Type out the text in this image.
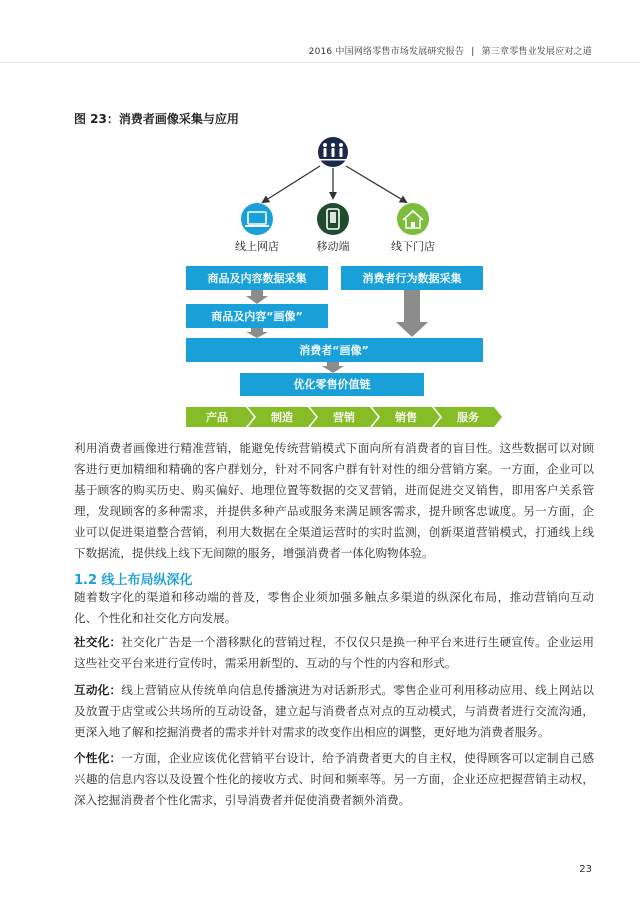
2016 中国网络零售市场发展研究报告 | 第三章零售业发展应对之道
图 23：消费者画像采集与应用
线上网店	移动端	线下门店
商品及内容数据采集	消费者行为数据采集
商品及内容“画像”
消费者“画像”
优化零售价值链
产品	制造	营销	销售	服务
利用消费者画像进行精准营销，能避免传统营销模式下面向所有消费者的盲目性。这些数据可以对顾客进行更加精细和精确的客户群划分，针对不同客户群有针对性的细分营销方案。一方面，企业可以基于顾客的购买历史、购买偏好、地理位置等数据的交叉营销，进而促进交叉销售，即用客户关系管理，发现顾客的多种需求，并提供多种产品或服务来满足顾客需求，提升顾客忠诚度。另一方面，企业可以促进渠道整合营销，利用大数据在全渠道运营时的实时监测，创新渠道营销模式，打通线上线下数据流，提供线上线下无间隙的服务，增强消费者一体化购物体验。
1.2 线上布局纵深化
随着数字化的渠道和移动端的普及，零售企业须加强多触点多渠道的纵深化布局，推动营销向互动化、个性化和社交化方向发展。
社交化：社交化广告是一个潜移默化的营销过程，不仅仅只是换一种平台来进行生硬宣传。企业运用这些社交平台来进行宣传时，需采用新型的、互动的与个性的内容和形式。
互动化：线上营销应从传统单向信息传播演进为对话新形式。零售企业可利用移动应用、线上网站以及放置于店堂或公共场所的互动设备，建立起与消费者点对点的互动模式，与消费者进行交流沟通，更深入地了解和挖掘消费者的需求并针对需求的改变作出相应的调整，更好地为消费者服务。
个性化：一方面，企业应该优化营销平台设计，给予消费者更大的自主权，使得顾客可以定制自己感兴趣的信息内容以及设置个性化的接收方式、时间和频率等。另一方面，企业还应把握营销主动权，深入挖掘消费者个性化需求，引导消费者并促使消费者额外消费。
23
